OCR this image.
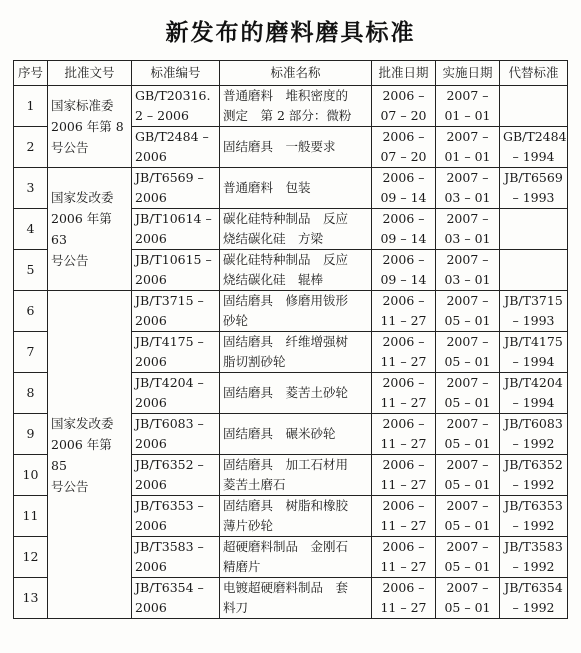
新发布的磨料磨具标准
序号	批准文号	标准编号	标准名称	批准日期	实施日期	代替标准
1	国家标准委
2006 年第 8
号公告	GB/T20316.
2 – 2006	普通磨料　堆积密度的
测定　第 2 部分：微粉	2006 –
07 – 20	2007 –
01 – 01	
2		GB/T2484 –
2006	固结磨具　一般要求	2006 –
07 – 20	2007 –
01 – 01	GB/T2484
– 1994
3	国家发改委
2006 年第 63
号公告	JB/T6569 –
2006	普通磨料　包装	2006 –
09 – 14	2007 –
03 – 01	JB/T6569
– 1993
4		JB/T10614 –
2006	碳化硅特种制品　反应
烧结碳化硅　方梁	2006 –
09 – 14	2007 –
03 – 01	
5		JB/T10615 –
2006	碳化硅特种制品　反应
烧结碳化硅　辊棒	2006 –
09 – 14	2007 –
03 – 01	
6	国家发改委
2006 年第 85
号公告	JB/T3715 –
2006	固结磨具　修磨用钹形
砂轮	2006 –
11 – 27	2007 –
05 – 01	JB/T3715
– 1993
7		JB/T4175 –
2006	固结磨具　纤维增强树
脂切割砂轮	2006 –
11 – 27	2007 –
05 – 01	JB/T4175
– 1994
8		JB/T4204 –
2006	固结磨具　菱苦土砂轮	2006 –
11 – 27	2007 –
05 – 01	JB/T4204
– 1994
9		JB/T6083 –
2006	固结磨具　碾米砂轮	2006 –
11 – 27	2007 –
05 – 01	JB/T6083
– 1992
10		JB/T6352 –
2006	固结磨具　加工石材用
菱苦土磨石	2006 –
11 – 27	2007 –
05 – 01	JB/T6352
– 1992
11		JB/T6353 –
2006	固结磨具　树脂和橡胶
薄片砂轮	2006 –
11 – 27	2007 –
05 – 01	JB/T6353
– 1992
12		JB/T3583 –
2006	超硬磨料制品　金刚石
精磨片	2006 –
11 – 27	2007 –
05 – 01	JB/T3583
– 1992
13		JB/T6354 –
2006	电镀超硬磨料制品　套
料刀	2006 –
11 – 27	2007 –
05 – 01	JB/T6354
– 1992
